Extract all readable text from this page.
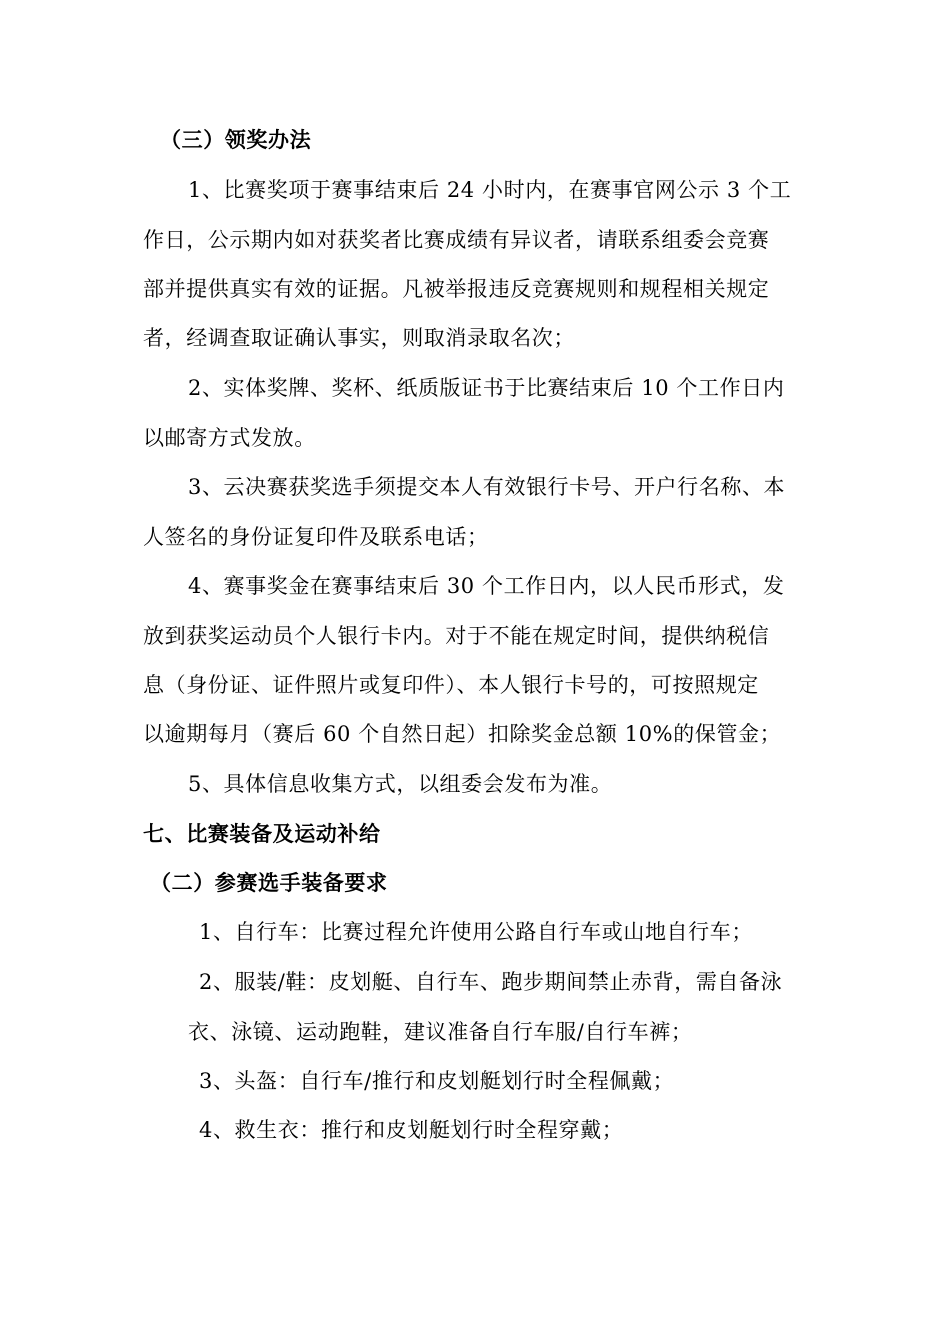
（三）领奖办法
1、比赛奖项于赛事结束后 24 小时内，在赛事官网公示 3 个工
作日，公示期内如对获奖者比赛成绩有异议者，请联系组委会竞赛
部并提供真实有效的证据。凡被举报违反竞赛规则和规程相关规定
者，经调查取证确认事实，则取消录取名次；
2、实体奖牌、奖杯、纸质版证书于比赛结束后 10 个工作日内
以邮寄方式发放。
3、云决赛获奖选手须提交本人有效银行卡号、开户行名称、本
人签名的身份证复印件及联系电话；
4、赛事奖金在赛事结束后 30 个工作日内，以人民币形式，发
放到获奖运动员个人银行卡内。对于不能在规定时间，提供纳税信
息（身份证、证件照片或复印件）、本人银行卡号的，可按照规定
以逾期每月（赛后 60 个自然日起）扣除奖金总额 10%的保管金；
5、具体信息收集方式，以组委会发布为准。
七、比赛装备及运动补给
（二）参赛选手装备要求
1、自行车：比赛过程允许使用公路自行车或山地自行车；
2、服装/鞋：皮划艇、自行车、跑步期间禁止赤背，需自备泳
衣、泳镜、运动跑鞋，建议准备自行车服/自行车裤；
3、头盔：自行车/推行和皮划艇划行时全程佩戴；
4、救生衣：推行和皮划艇划行时全程穿戴；
